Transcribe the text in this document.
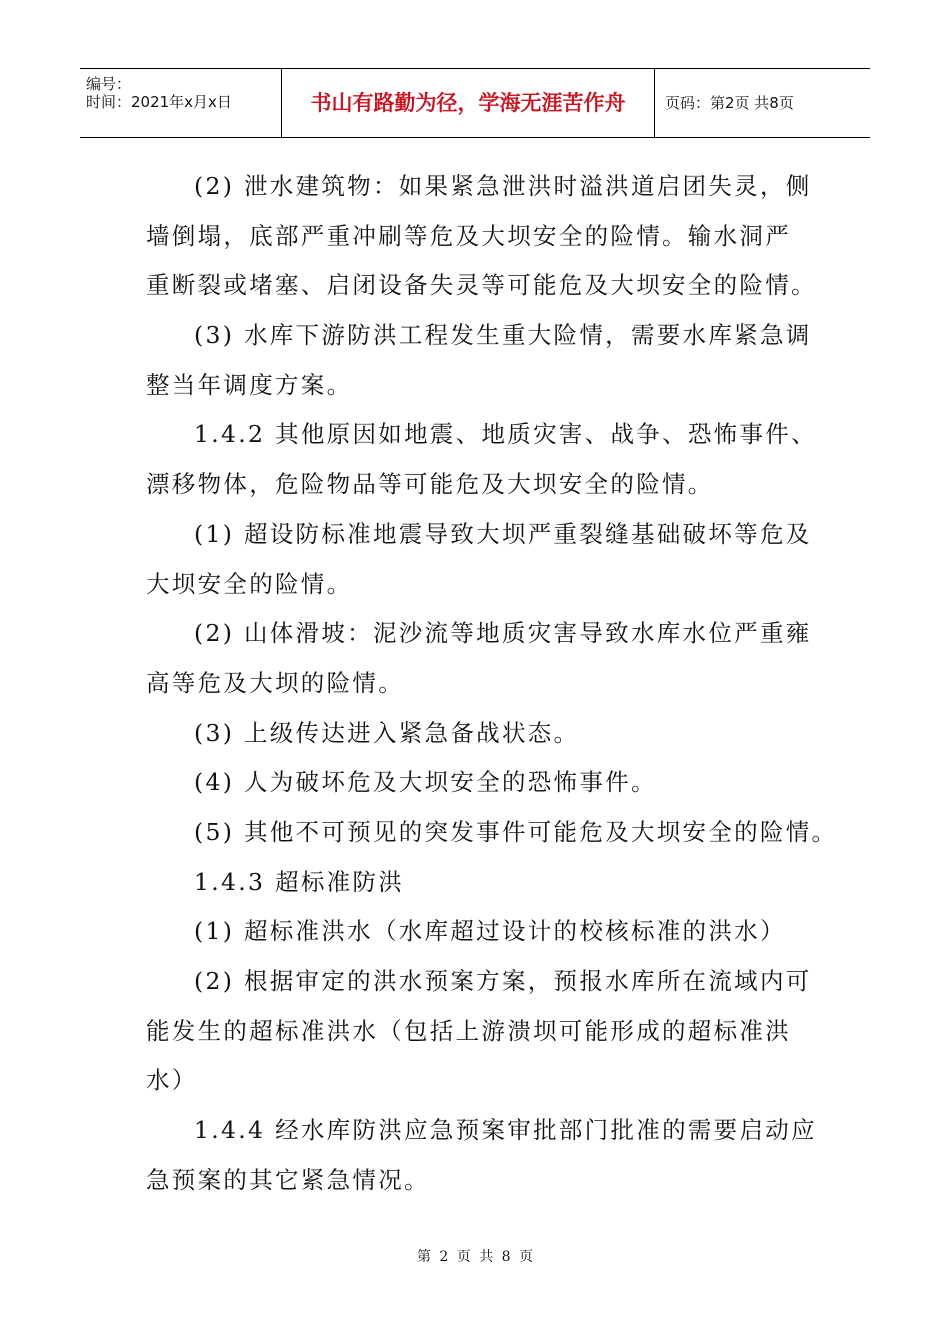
编号：
时间：2021年x月x日	书山有路勤为径，学海无涯苦作舟	页码：第2页 共8页
(2) 泄水建筑物：如果紧急泄洪时溢洪道启团失灵，侧
墙倒塌，底部严重冲刷等危及大坝安全的险情。输水洞严
重断裂或堵塞、启闭设备失灵等可能危及大坝安全的险情。
(3) 水库下游防洪工程发生重大险情，需要水库紧急调
整当年调度方案。
1.4.2 其他原因如地震、地质灾害、战争、恐怖事件、
漂移物体，危险物品等可能危及大坝安全的险情。
(1) 超设防标准地震导致大坝严重裂缝基础破坏等危及
大坝安全的险情。
(2) 山体滑坡：泥沙流等地质灾害导致水库水位严重雍
高等危及大坝的险情。
(3) 上级传达进入紧急备战状态。
(4) 人为破坏危及大坝安全的恐怖事件。
(5) 其他不可预见的突发事件可能危及大坝安全的险情。
1.4.3 超标准防洪
(1) 超标准洪水（水库超过设计的校核标准的洪水）
(2) 根据审定的洪水预案方案，预报水库所在流域内可
能发生的超标准洪水（包括上游溃坝可能形成的超标准洪
水）
1.4.4 经水库防洪应急预案审批部门批准的需要启动应
急预案的其它紧急情况。
第 2 页 共 8 页
